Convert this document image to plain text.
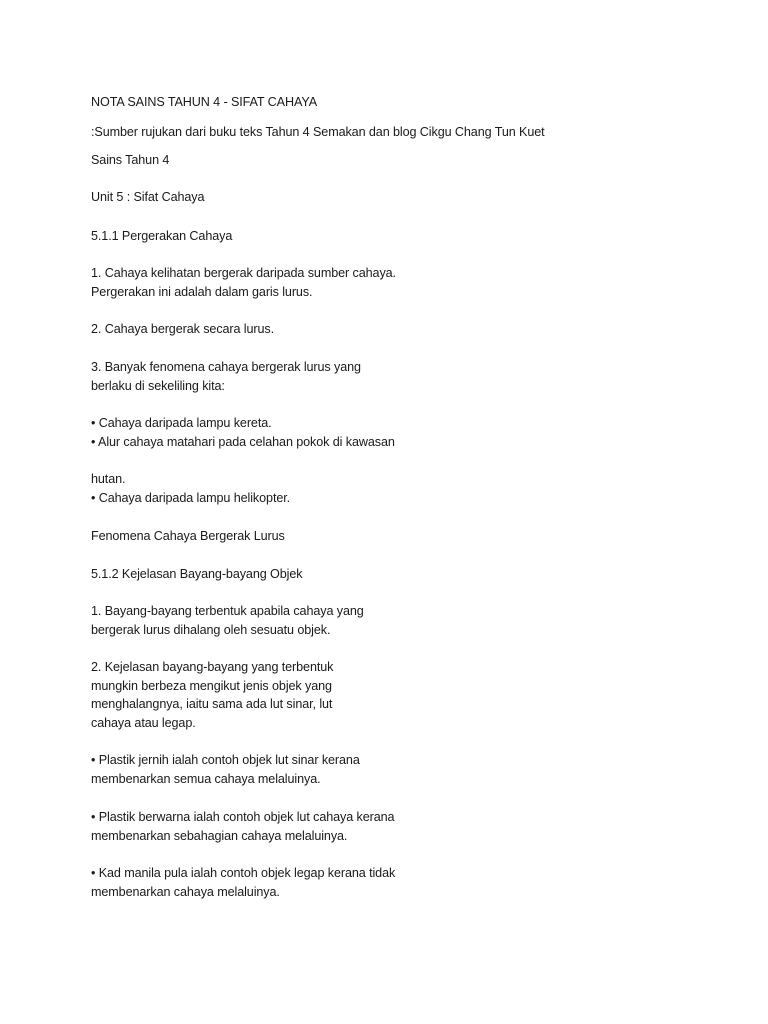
NOTA SAINS TAHUN 4 - SIFAT CAHAYA
:Sumber rujukan dari buku teks Tahun 4 Semakan dan blog Cikgu Chang Tun Kuet
Sains Tahun 4
Unit 5 : Sifat Cahaya
5.1.1 Pergerakan Cahaya
1. Cahaya kelihatan bergerak daripada sumber cahaya.
Pergerakan ini adalah dalam garis lurus.
2. Cahaya bergerak secara lurus.
3. Banyak fenomena cahaya bergerak lurus yang
berlaku di sekeliling kita:
• Cahaya daripada lampu kereta.
• Alur cahaya matahari pada celahan pokok di kawasan
hutan.
• Cahaya daripada lampu helikopter.
Fenomena Cahaya Bergerak Lurus
5.1.2 Kejelasan Bayang-bayang Objek
1. Bayang-bayang terbentuk apabila cahaya yang
bergerak lurus dihalang oleh sesuatu objek.
2. Kejelasan bayang-bayang yang terbentuk
mungkin berbeza mengikut jenis objek yang
menghalangnya, iaitu sama ada lut sinar, lut
cahaya atau legap.
• Plastik jernih ialah contoh objek lut sinar kerana
membenarkan semua cahaya melaluinya.
• Plastik berwarna ialah contoh objek lut cahaya kerana
membenarkan sebahagian cahaya melaluinya.
• Kad manila pula ialah contoh objek legap kerana tidak
membenarkan cahaya melaluinya.
